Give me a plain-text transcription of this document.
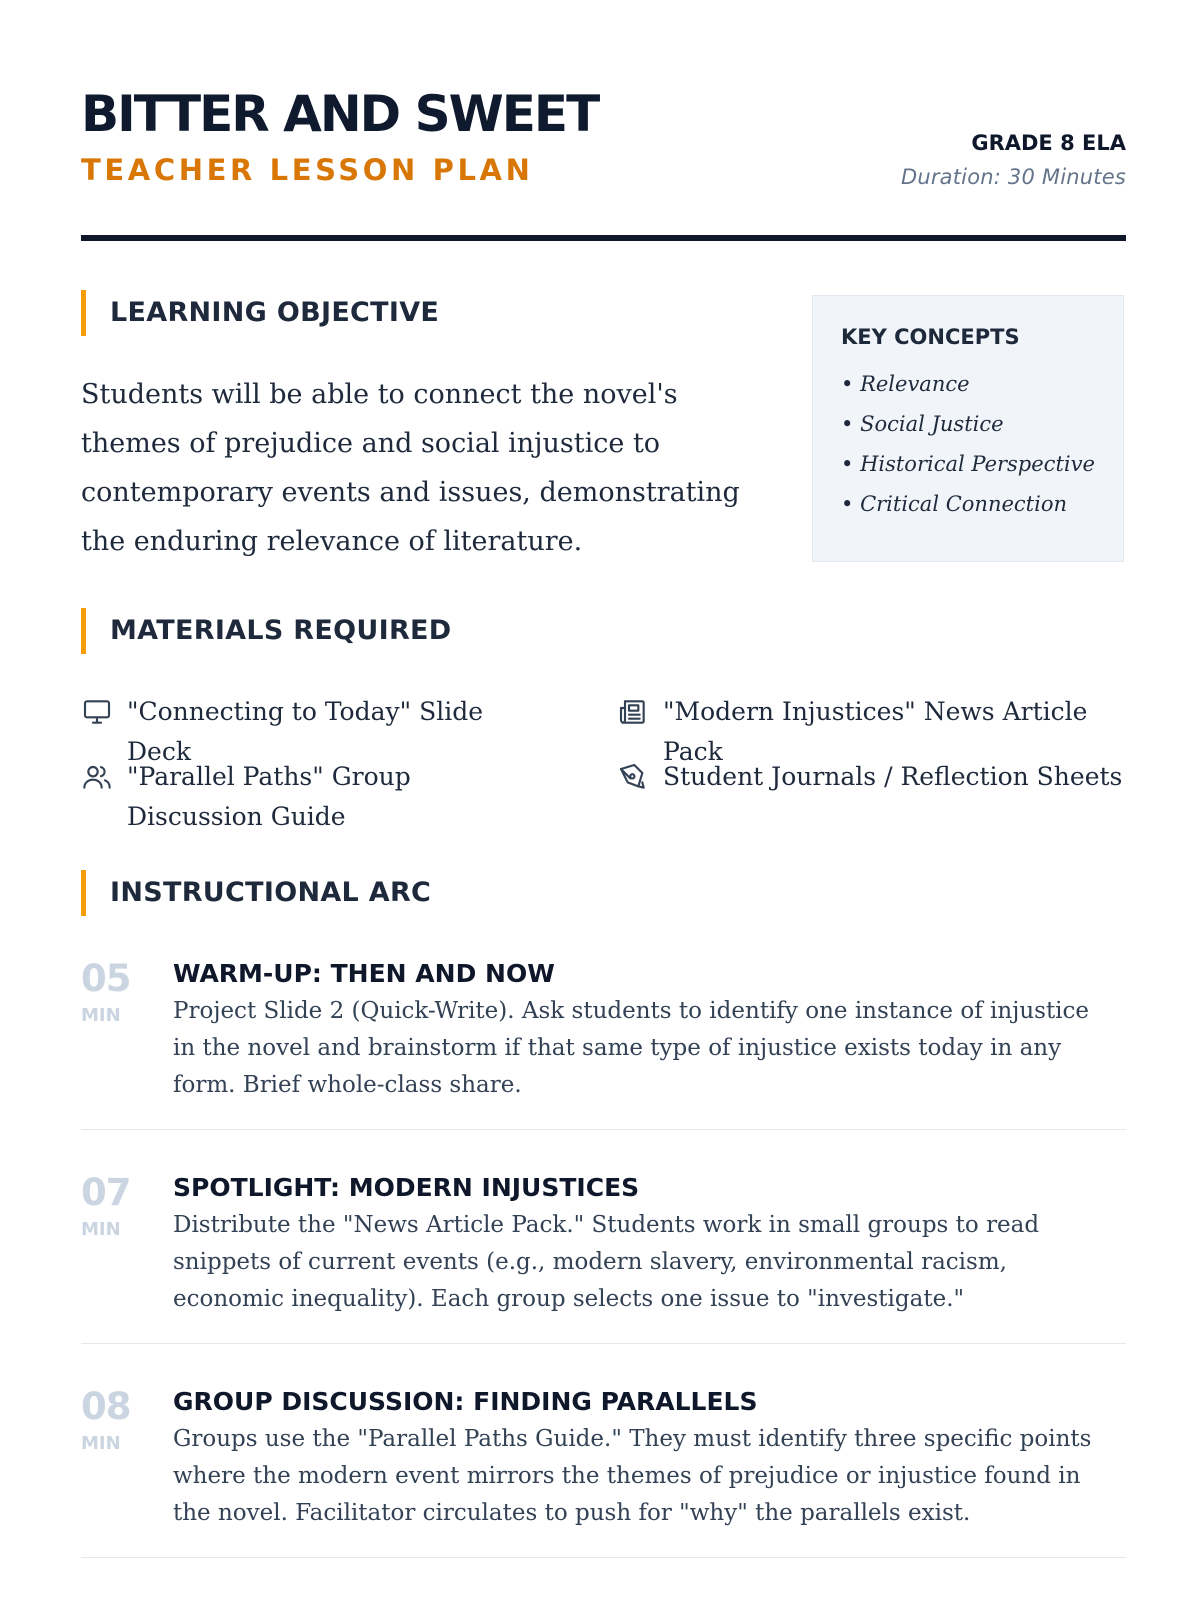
BITTER AND SWEET
TEACHER LESSON PLAN
GRADE 8 ELA
Duration: 30 Minutes
LEARNING OBJECTIVE
Students will be able to connect the novel's themes of prejudice and social injustice to contemporary events and issues, demonstrating the enduring relevance of literature.
KEY CONCEPTS
• Relevance
• Social Justice
• Historical Perspective
• Critical Connection
MATERIALS REQUIRED
"Connecting to Today" Slide Deck
"Modern Injustices" News Article Pack
"Parallel Paths" Group Discussion Guide
Student Journals / Reflection Sheets
INSTRUCTIONAL ARC
05
MIN
WARM-UP: THEN AND NOW
Project Slide 2 (Quick-Write). Ask students to identify one instance of injustice in the novel and brainstorm if that same type of injustice exists today in any form. Brief whole-class share.
07
MIN
SPOTLIGHT: MODERN INJUSTICES
Distribute the "News Article Pack." Students work in small groups to read snippets of current events (e.g., modern slavery, environmental racism, economic inequality). Each group selects one issue to "investigate."
08
MIN
GROUP DISCUSSION: FINDING PARALLELS
Groups use the "Parallel Paths Guide." They must identify three specific points where the modern event mirrors the themes of prejudice or injustice found in the novel. Facilitator circulates to push for "why" the parallels exist.
